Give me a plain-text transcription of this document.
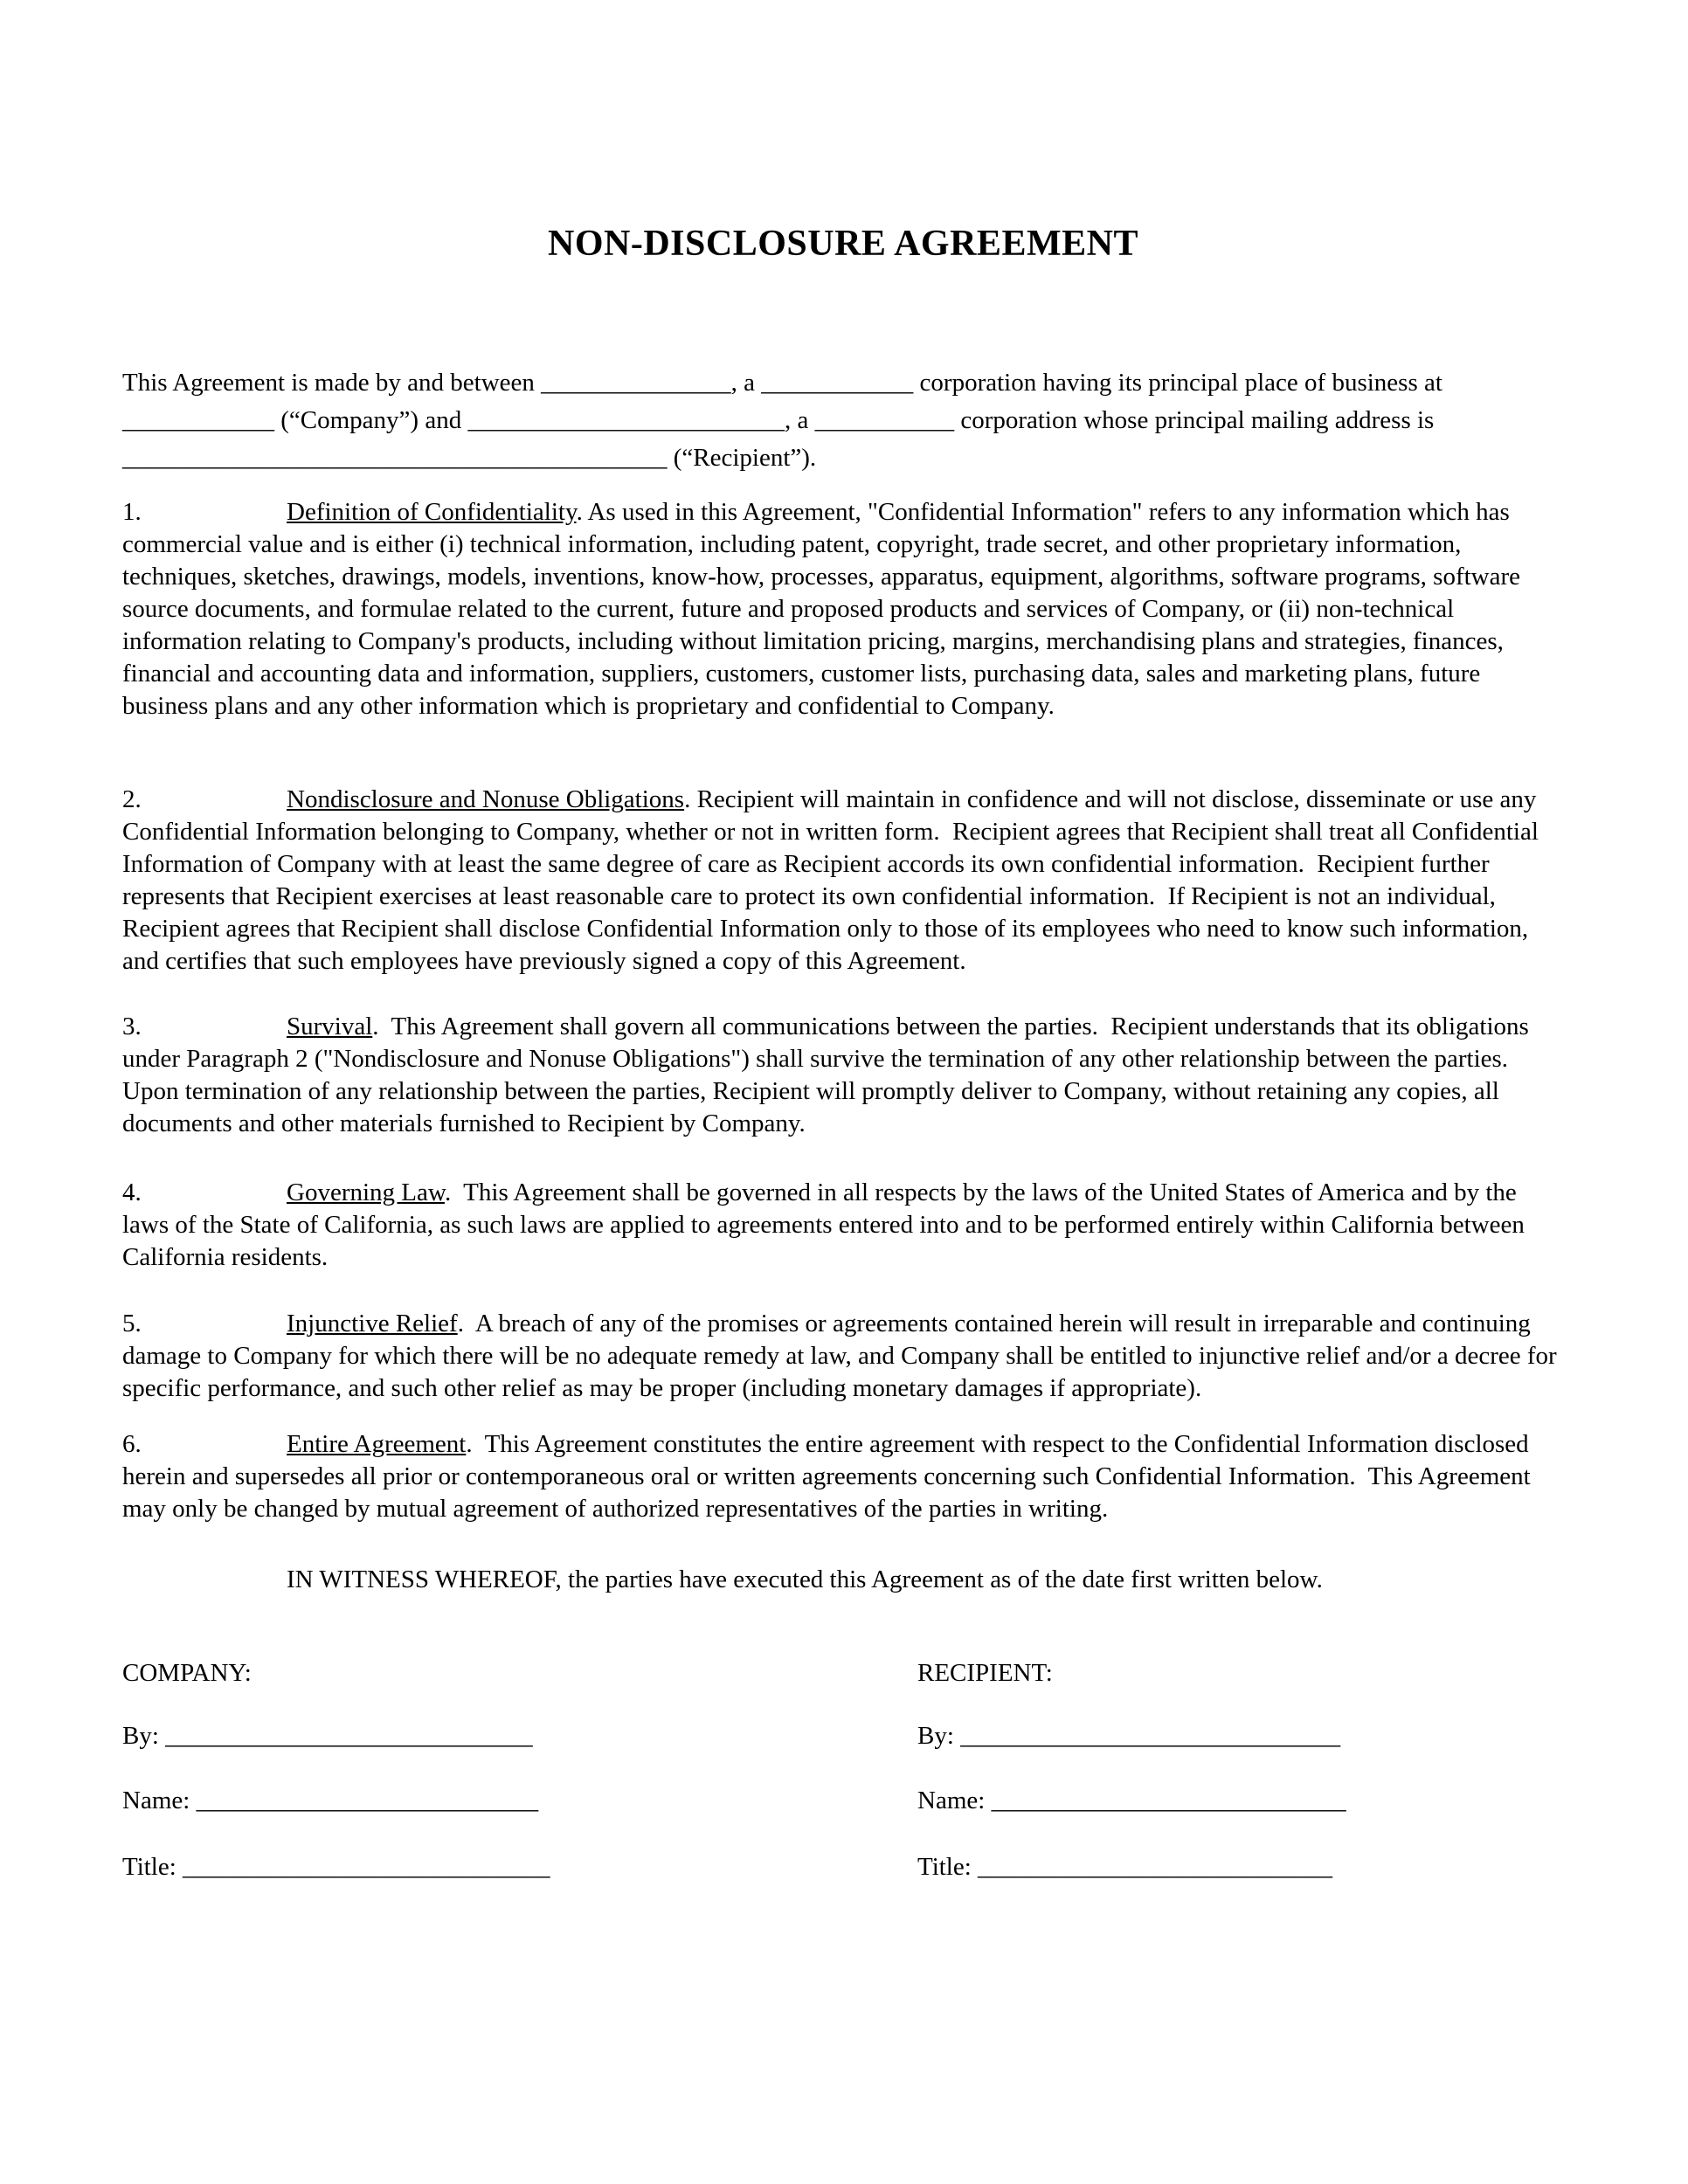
NON-DISCLOSURE AGREEMENT

This Agreement is made by and between _______________, a ____________ corporation having its principal place of business at ____________ (“Company”) and _________________________, a ___________ corporation whose principal mailing address is ___________________________________________ (“Recipient”).

1.	Definition of Confidentiality. As used in this Agreement, "Confidential Information" refers to any information which has commercial value and is either (i) technical information, including patent, copyright, trade secret, and other proprietary information, techniques, sketches, drawings, models, inventions, know-how, processes, apparatus, equipment, algorithms, software programs, software source documents, and formulae related to the current, future and proposed products and services of Company, or (ii) non-technical information relating to Company's products, including without limitation pricing, margins, merchandising plans and strategies, finances, financial and accounting data and information, suppliers, customers, customer lists, purchasing data, sales and marketing plans, future business plans and any other information which is proprietary and confidential to Company.

2.	Nondisclosure and Nonuse Obligations. Recipient will maintain in confidence and will not disclose, disseminate or use any Confidential Information belonging to Company, whether or not in written form.  Recipient agrees that Recipient shall treat all Confidential Information of Company with at least the same degree of care as Recipient accords its own confidential information.  Recipient further represents that Recipient exercises at least reasonable care to protect its own confidential information.  If Recipient is not an individual, Recipient agrees that Recipient shall disclose Confidential Information only to those of its employees who need to know such information, and certifies that such employees have previously signed a copy of this Agreement.

3.	Survival.  This Agreement shall govern all communications between the parties.  Recipient understands that its obligations under Paragraph 2 ("Nondisclosure and Nonuse Obligations") shall survive the termination of any other relationship between the parties.  Upon termination of any relationship between the parties, Recipient will promptly deliver to Company, without retaining any copies, all documents and other materials furnished to Recipient by Company.

4.	Governing Law.  This Agreement shall be governed in all respects by the laws of the United States of America and by the laws of the State of California, as such laws are applied to agreements entered into and to be performed entirely within California between California residents.

5.	Injunctive Relief.  A breach of any of the promises or agreements contained herein will result in irreparable and continuing damage to Company for which there will be no adequate remedy at law, and Company shall be entitled to injunctive relief and/or a decree for specific performance, and such other relief as may be proper (including monetary damages if appropriate).

6.	Entire Agreement.  This Agreement constitutes the entire agreement with respect to the Confidential Information disclosed herein and supersedes all prior or contemporaneous oral or written agreements concerning such Confidential Information.  This Agreement may only be changed by mutual agreement of authorized representatives of the parties in writing.

IN WITNESS WHEREOF, the parties have executed this Agreement as of the date first written below.

COMPANY:

By: _____________________________

Name: ___________________________

Title: _____________________________

RECIPIENT:

By: ______________________________

Name: ____________________________

Title: ____________________________
